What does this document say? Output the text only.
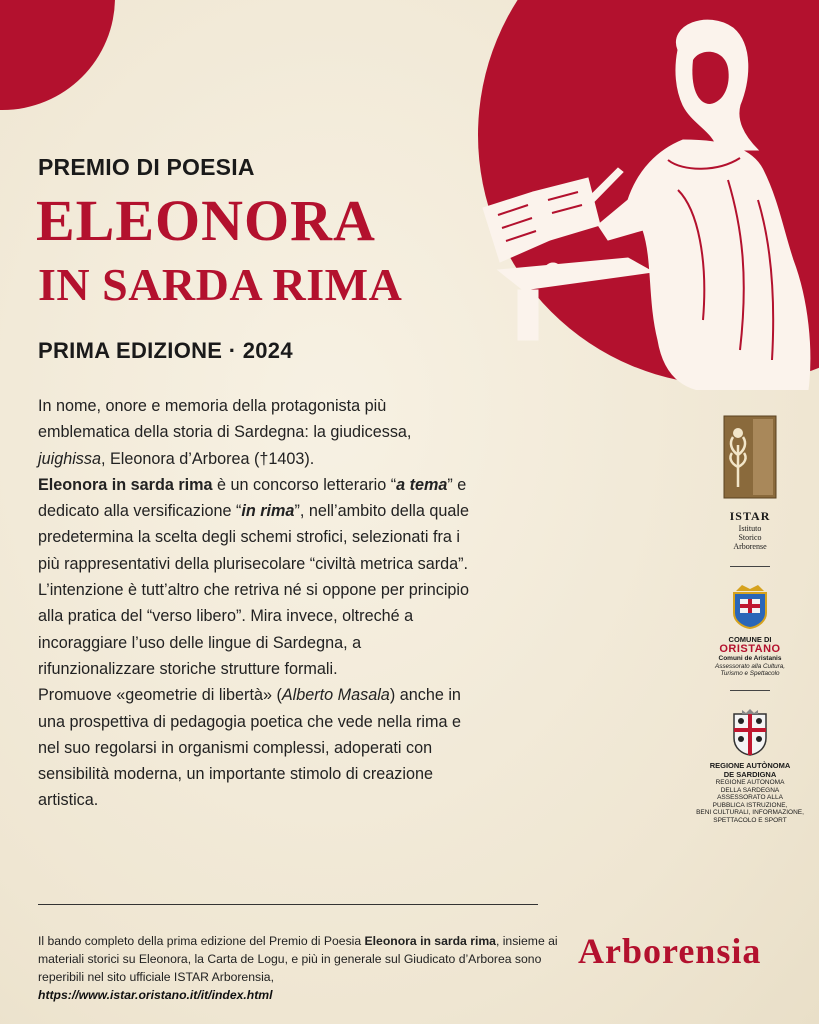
PREMIO DI POESIA
ELEONORA
IN SARDA RIMA
PRIMA EDIZIONE · 2024

In nome, onore e memoria della protagonista più emblematica della storia di Sardegna: la giudicessa, juighissa, Eleonora d’Arborea (†1403).

Eleonora in sarda rima è un concorso letterario “a tema” e dedicato alla versificazione “in rima”, nell’ambito della quale predetermina la scelta degli schemi strofici, selezionati fra i più rappresentativi della plurisecolare “civiltà metrica sarda”.

L’intenzione è tutt’altro che retriva né si oppone per principio alla pratica del “verso libero”. Mira invece, oltreché a incoraggiare l’uso delle lingue di Sardegna, a rifunzionalizzare storiche strutture formali.

Promuove «geometrie di libertà» (Alberto Masala) anche in una prospettiva di pedagogia poetica che vede nella rima e nel suo regolarsi in organismi complessi, adoperati con sensibilità moderna, un importante stimolo di creazione artistica.

ISTAR
Istituto
Storico
Arborense
COMUNE DI
ORISTANO
Comuni de Aristanis
Assessorato alla Cultura,
Turismo e Spettacolo
REGIONE AUTÒNOMA
DE SARDIGNA
REGIONE AUTONOMA
DELLA SARDEGNA
ASSESSORATO ALLA
PUBBLICA ISTRUZIONE,
BENI CULTURALI, INFORMAZIONE,
SPETTACOLO E SPORT

Il bando completo della prima edizione del Premio di Poesia Eleonora in sarda rima, insieme ai materiali storici su Eleonora, la Carta de Logu, e più in generale sul Giudicato d’Arborea sono reperibili nel sito ufficiale ISTAR Arborensia,

https://www.istar.oristano.it/it/index.html

Arborensia
